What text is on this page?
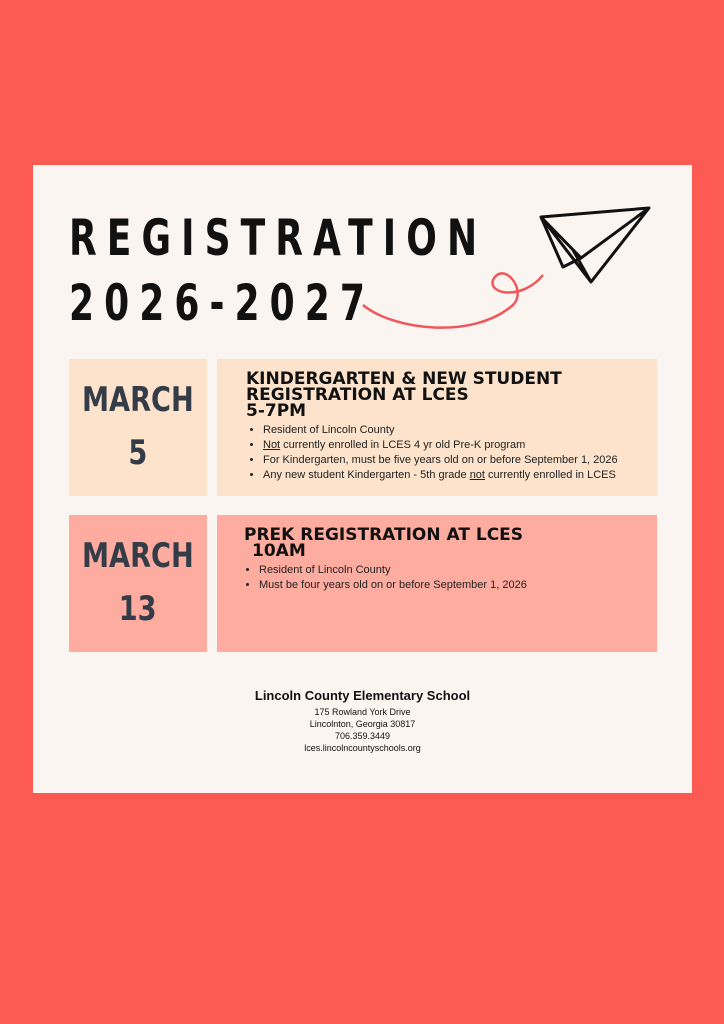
REGISTRATION
2026-2027
MARCH
5
KINDERGARTEN & NEW STUDENT
REGISTRATION AT LCES
5-7PM
• Resident of Lincoln County
• Not currently enrolled in LCES 4 yr old Pre-K program
• For Kindergarten, must be five years old on or before September 1, 2026
• Any new student Kindergarten - 5th grade not currently enrolled in LCES
MARCH
13
PREK REGISTRATION AT LCES
10AM
• Resident of Lincoln County
• Must be four years old on or before September 1, 2026
Lincoln County Elementary School
175 Rowland York Drive
Lincolnton, Georgia 30817
706.359.3449
lces.lincolncountyschools.org
